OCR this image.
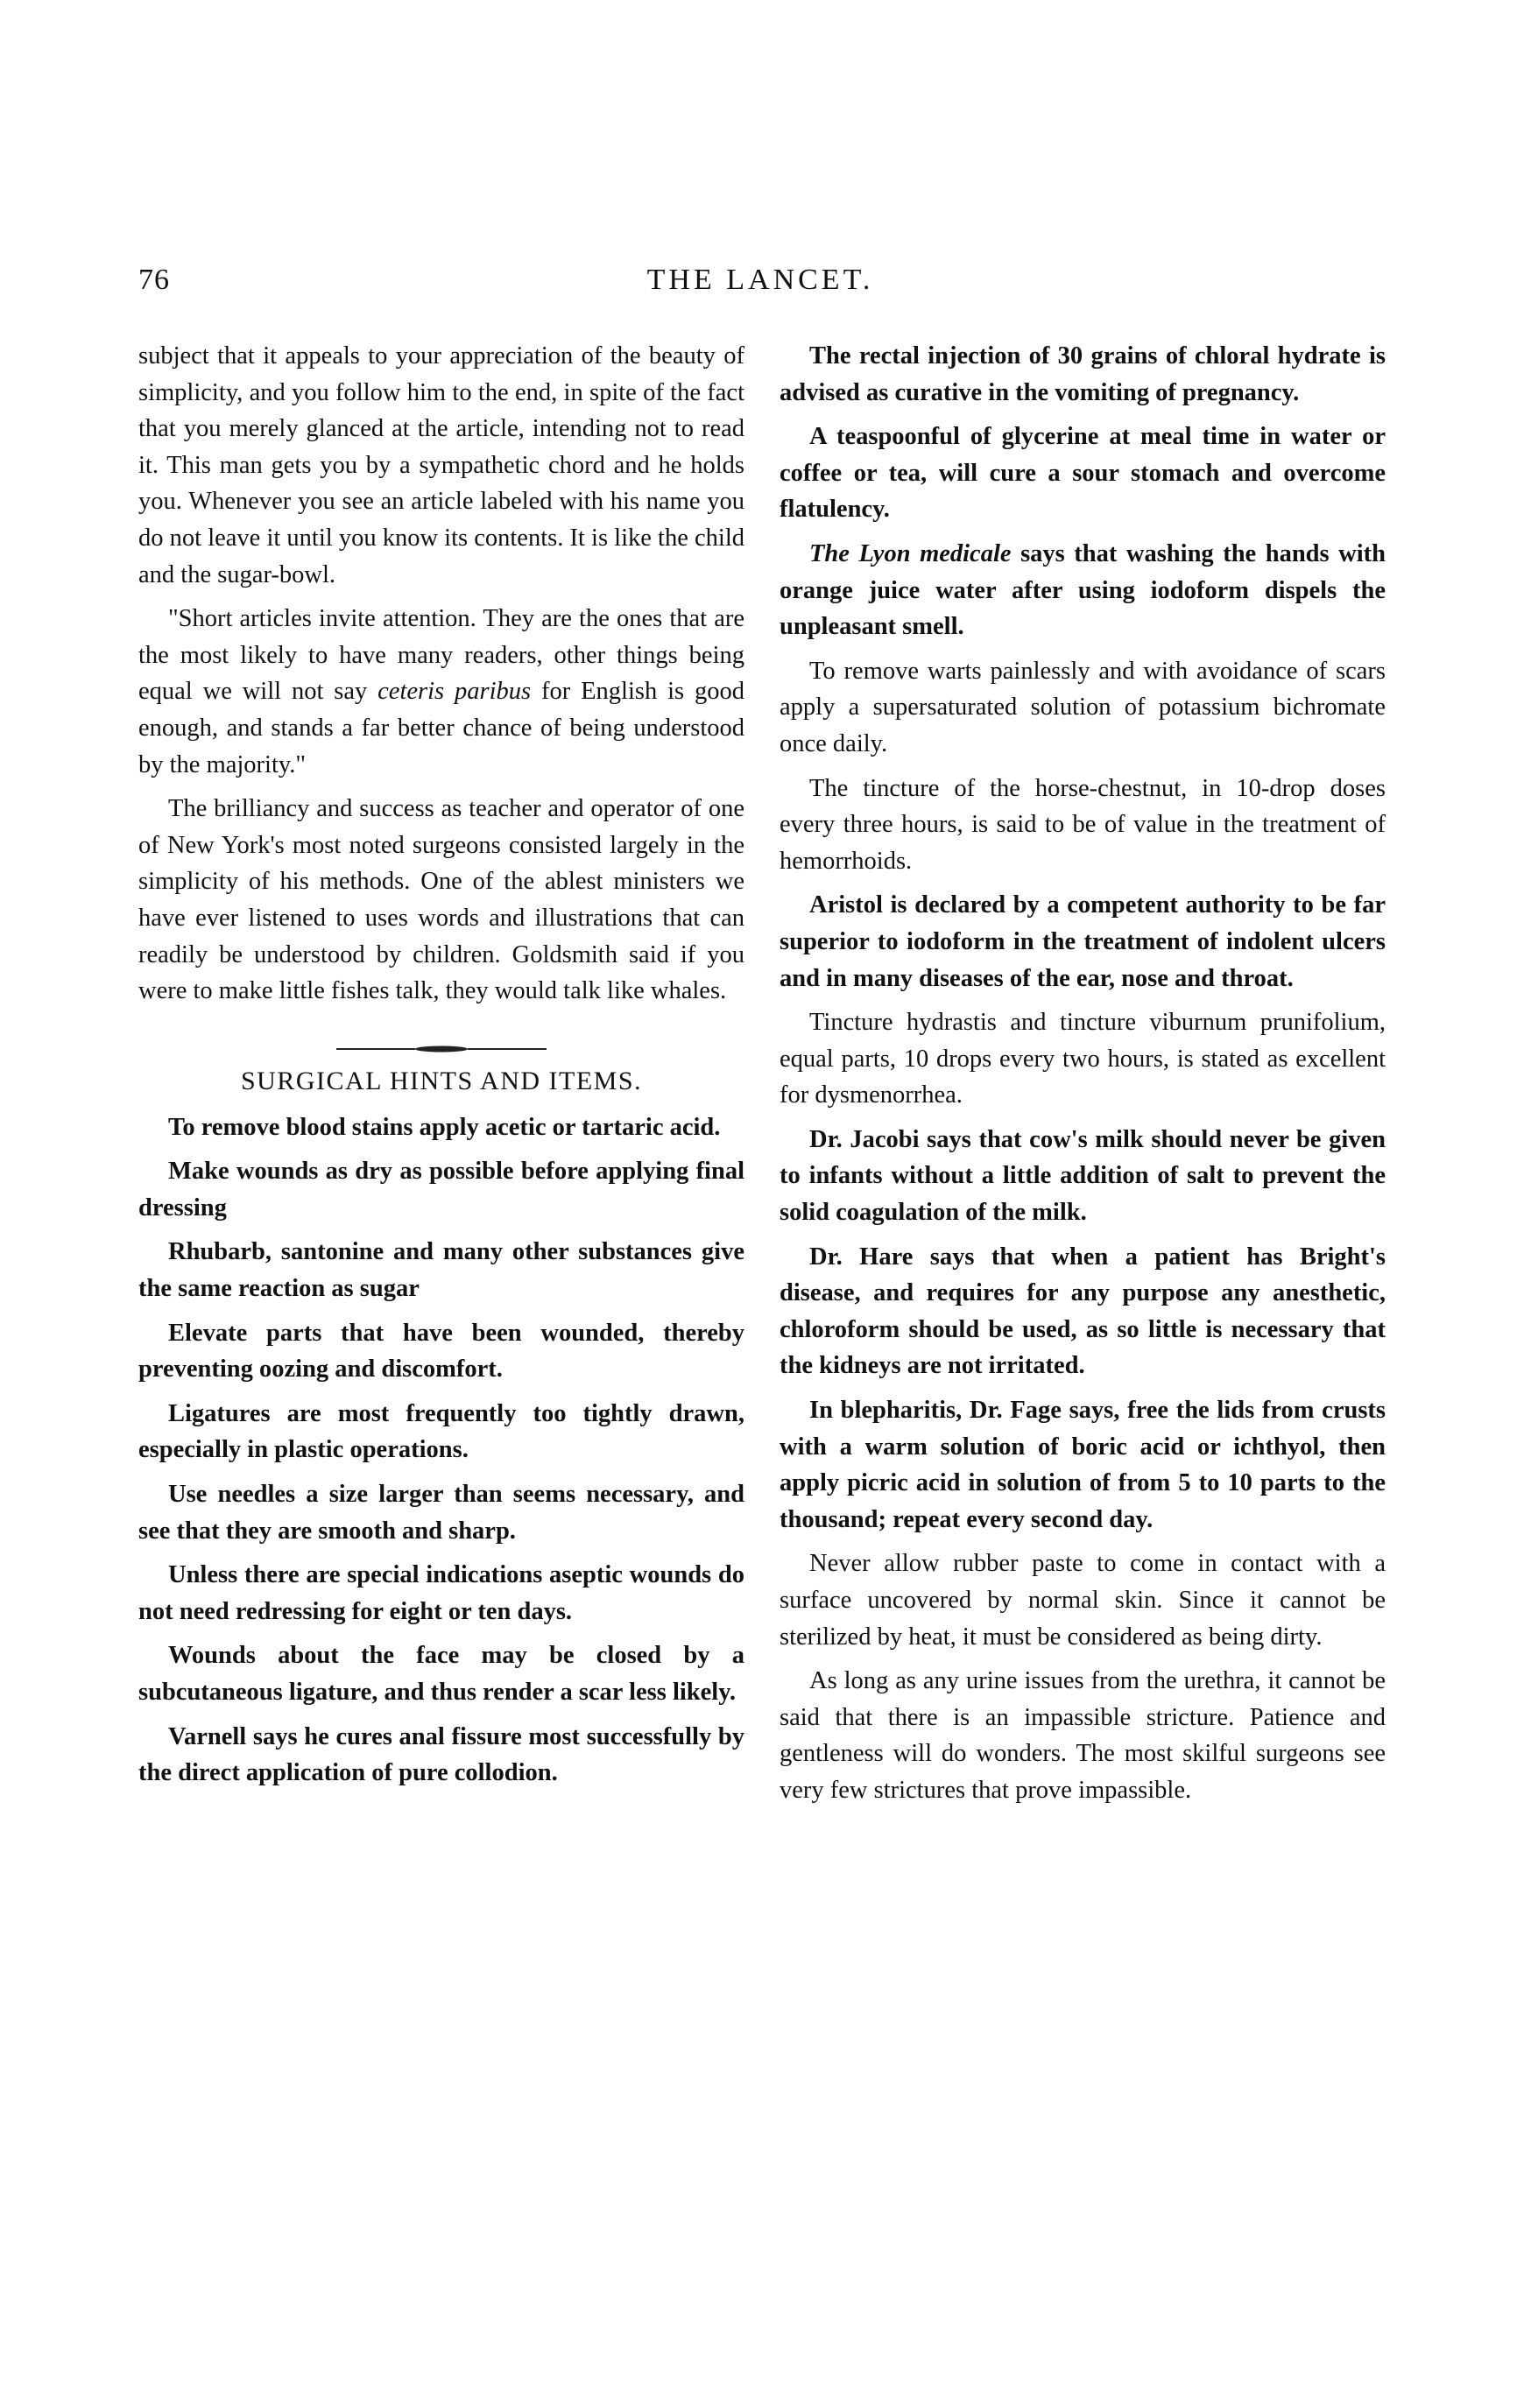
76	THE LANCET.

subject that it appeals to your appreciation of the beauty of simplicity, and you follow him to the end, in spite of the fact that you merely glanced at the article, intending not to read it. This man gets you by a sympathetic chord and he holds you. Whenever you see an article labeled with his name you do not leave it until you know its contents. It is like the child and the sugar-bowl.

"Short articles invite attention. They are the ones that are the most likely to have many readers, other things being equal we will not say ceteris paribus for English is good enough, and stands a far better chance of being understood by the majority."

The brilliancy and success as teacher and operator of one of New York's most noted surgeons consisted largely in the simplicity of his methods. One of the ablest ministers we have ever listened to uses words and illustrations that can readily be understood by children. Goldsmith said if you were to make little fishes talk, they would talk like whales.

SURGICAL HINTS AND ITEMS.

To remove blood stains apply acetic or tartaric acid.

Make wounds as dry as possible before applying final dressing

Rhubarb, santonine and many other substances give the same reaction as sugar

Elevate parts that have been wounded, thereby preventing oozing and discomfort.

Ligatures are most frequently too tightly drawn, especially in plastic operations.

Use needles a size larger than seems necessary, and see that they are smooth and sharp.

Unless there are special indications aseptic wounds do not need redressing for eight or ten days.

Wounds about the face may be closed by a subcutaneous ligature, and thus render a scar less likely.

Varnell says he cures anal fissure most successfully by the direct application of pure collodion.

The rectal injection of 30 grains of chloral hydrate is advised as curative in the vomiting of pregnancy.

A teaspoonful of glycerine at meal time in water or coffee or tea, will cure a sour stomach and overcome flatulency.

The Lyon medicale says that washing the hands with orange juice water after using iodoform dispels the unpleasant smell.

To remove warts painlessly and with avoidance of scars apply a supersaturated solution of potassium bichromate once daily.

The tincture of the horse-chestnut, in 10-drop doses every three hours, is said to be of value in the treatment of hemorrhoids.

Aristol is declared by a competent authority to be far superior to iodoform in the treatment of indolent ulcers and in many diseases of the ear, nose and throat.

Tincture hydrastis and tincture viburnum prunifolium, equal parts, 10 drops every two hours, is stated as excellent for dysmenorrhea.

Dr. Jacobi says that cow's milk should never be given to infants without a little addition of salt to prevent the solid coagulation of the milk.

Dr. Hare says that when a patient has Bright's disease, and requires for any purpose any anesthetic, chloroform should be used, as so little is necessary that the kidneys are not irritated.

In blepharitis, Dr. Fage says, free the lids from crusts with a warm solution of boric acid or ichthyol, then apply picric acid in solution of from 5 to 10 parts to the thousand; repeat every second day.

Never allow rubber paste to come in contact with a surface uncovered by normal skin. Since it cannot be sterilized by heat, it must be considered as being dirty.

As long as any urine issues from the urethra, it cannot be said that there is an impassible stricture. Patience and gentleness will do wonders. The most skilful surgeons see very few strictures that prove impassible.
